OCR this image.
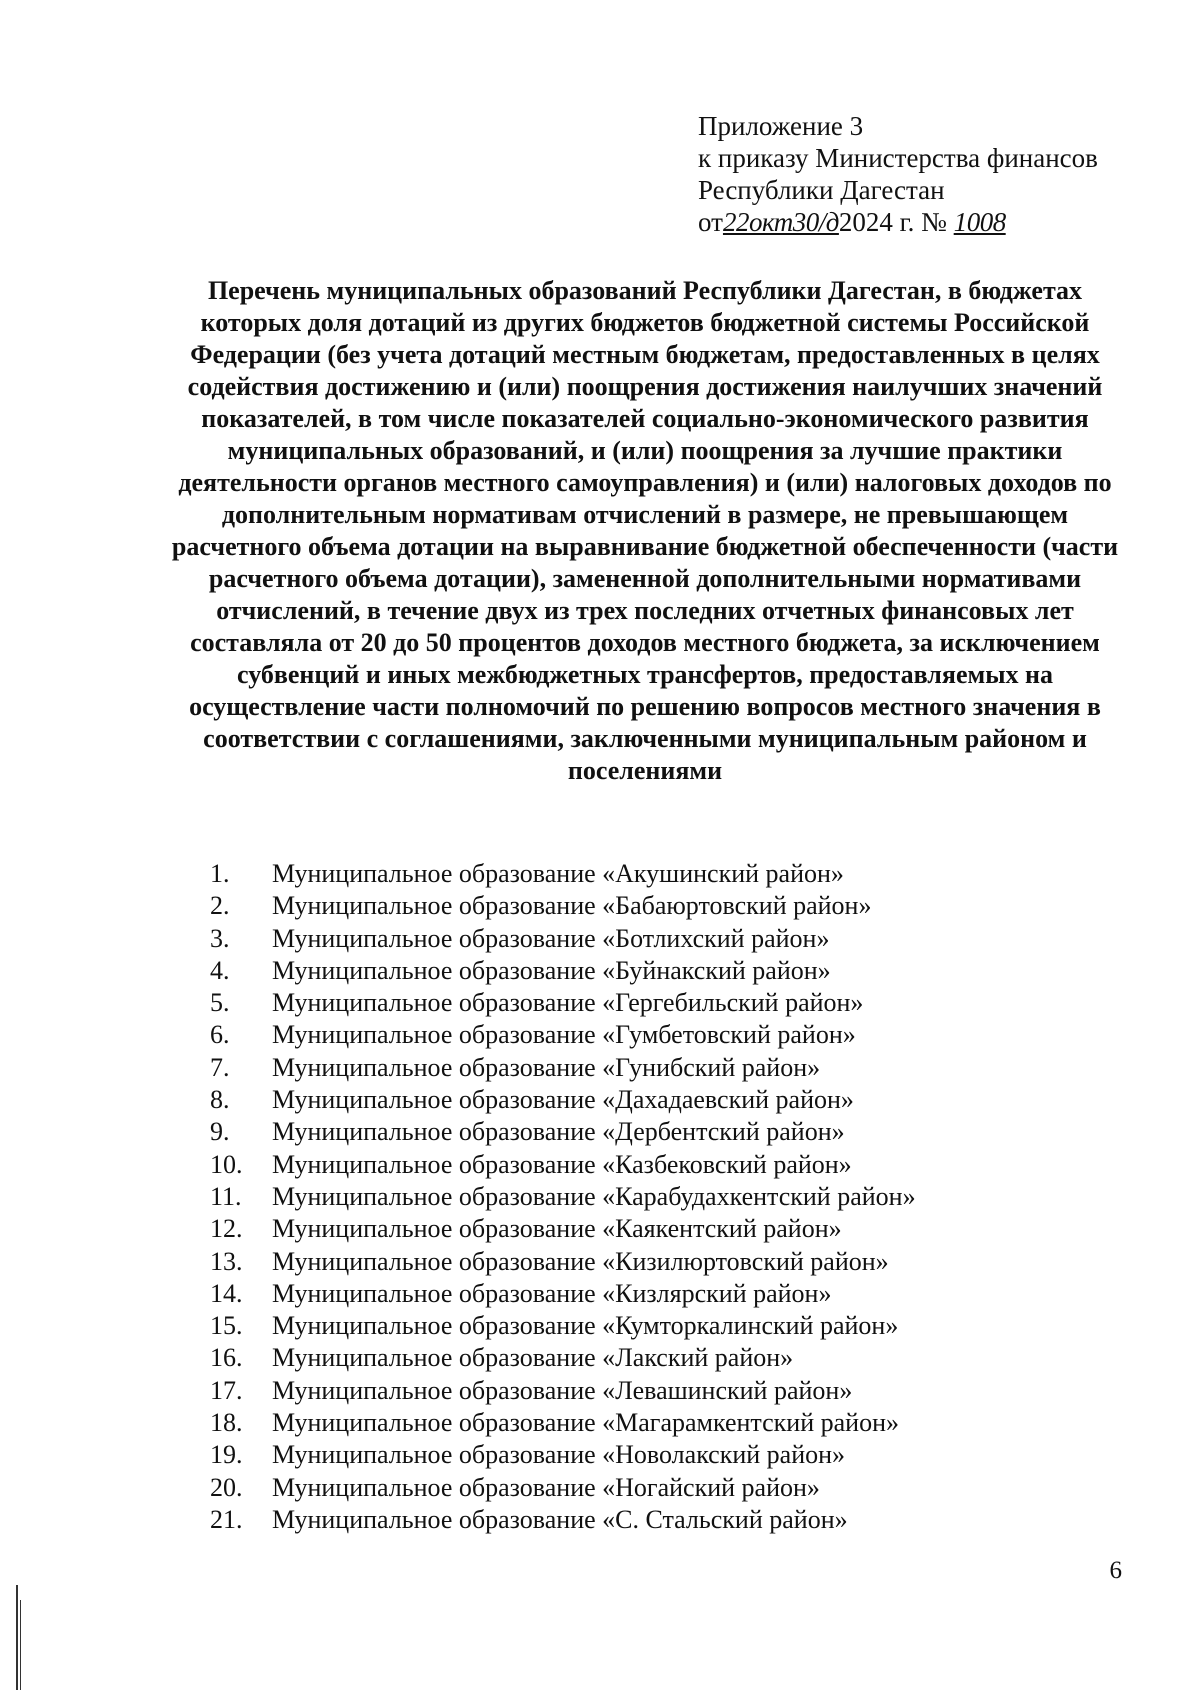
Приложение 3
к приказу Министерства финансов
Республики Дагестан
от22окт30/д2024 г. № 1008
Перечень муниципальных образований Республики Дагестан, в бюджетах которых доля дотаций из других бюджетов бюджетной системы Российской Федерации (без учета дотаций местным бюджетам, предоставленных в целях содействия достижению и (или) поощрения достижения наилучших значений показателей, в том числе показателей социально-экономического развития муниципальных образований, и (или) поощрения за лучшие практики деятельности органов местного самоуправления) и (или) налоговых доходов по дополнительным нормативам отчислений в размере, не превышающем расчетного объема дотации на выравнивание бюджетной обеспеченности (части расчетного объема дотации), замененной дополнительными нормативами отчислений, в течение двух из трех последних отчетных финансовых лет составляла от 20 до 50 процентов доходов местного бюджета, за исключением субвенций и иных межбюджетных трансфертов, предоставляемых на осуществление части полномочий по решению вопросов местного значения в соответствии с соглашениями, заключенными муниципальным районом и поселениями
1.	Муниципальное образование «Акушинский район»
2.	Муниципальное образование «Бабаюртовский район»
3.	Муниципальное образование «Ботлихский район»
4.	Муниципальное образование «Буйнакский район»
5.	Муниципальное образование «Гергебильский район»
6.	Муниципальное образование «Гумбетовский район»
7.	Муниципальное образование «Гунибский район»
8.	Муниципальное образование «Дахадаевский район»
9.	Муниципальное образование «Дербентский район»
10.	Муниципальное образование «Казбековский район»
11.	Муниципальное образование «Карабудахкентский район»
12.	Муниципальное образование «Каякентский район»
13.	Муниципальное образование «Кизилюртовский район»
14.	Муниципальное образование «Кизлярский район»
15.	Муниципальное образование «Кумторкалинский район»
16.	Муниципальное образование «Лакский район»
17.	Муниципальное образование «Левашинский район»
18.	Муниципальное образование «Магарамкентский район»
19.	Муниципальное образование «Новолакский район»
20.	Муниципальное образование «Ногайский район»
21.	Муниципальное образование «С. Стальский район»
6
